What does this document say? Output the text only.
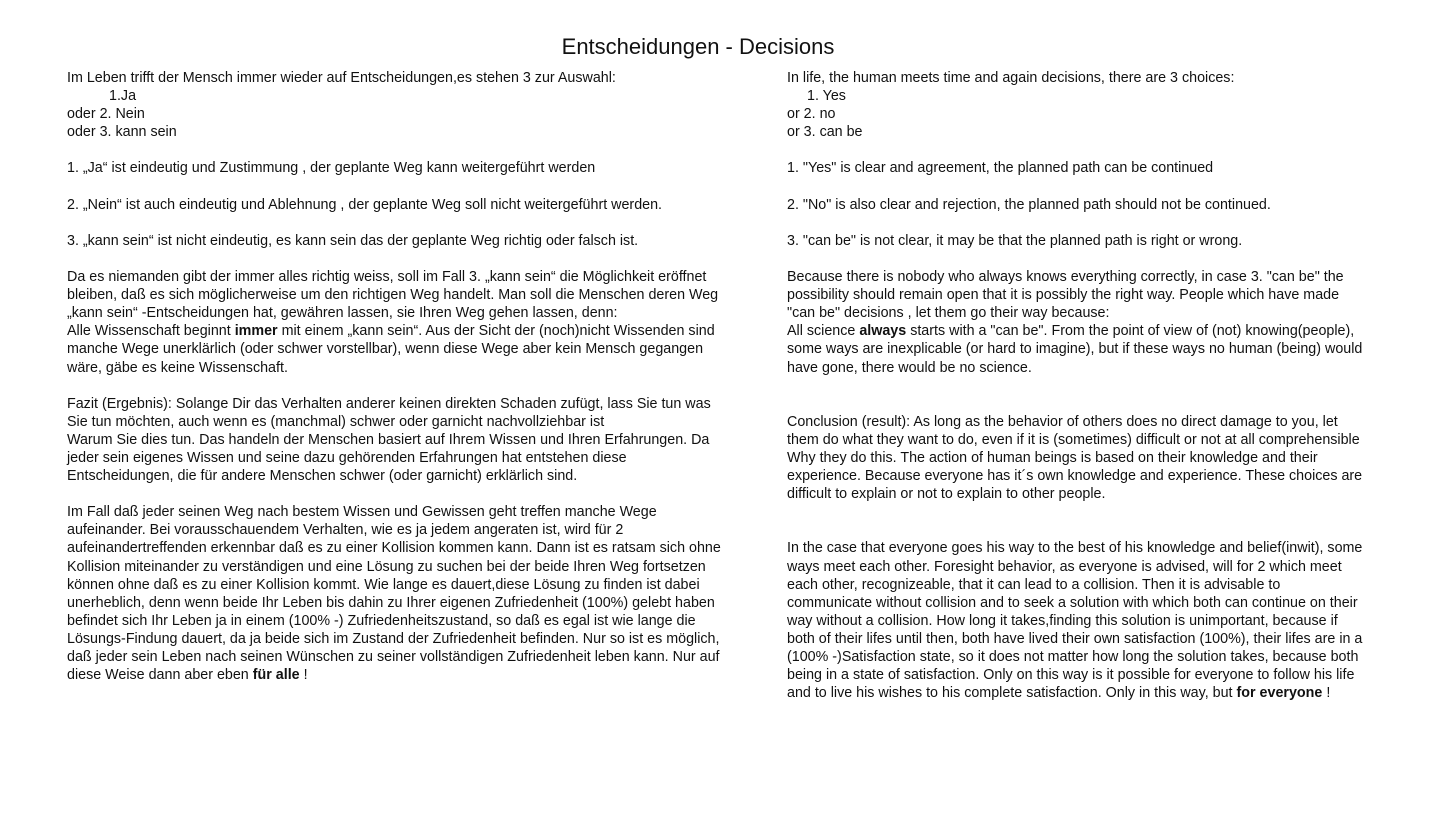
Entscheidungen - Decisions
Im Leben trifft der Mensch immer wieder auf Entscheidungen,es stehen 3 zur Auswahl:
1.Ja
oder 2. Nein
oder 3. kann sein
1. „Ja“ ist eindeutig und Zustimmung , der geplante Weg kann weitergeführt werden
2. „Nein“ ist auch eindeutig und Ablehnung , der geplante Weg soll nicht weitergeführt werden.
3. „kann sein“ ist nicht eindeutig, es kann sein das der geplante Weg richtig oder falsch ist.
Da es niemanden gibt der immer alles richtig weiss, soll im Fall 3. „kann sein“ die Möglichkeit eröffnet bleiben, daß es sich möglicherweise um den richtigen Weg handelt. Man soll die Menschen deren Weg „kann sein“ -Entscheidungen hat, gewähren lassen, sie Ihren Weg gehen lassen, denn:
Alle Wissenschaft beginnt immer mit einem „kann sein“. Aus der Sicht der (noch)nicht Wissenden sind manche Wege unerklärlich (oder schwer vorstellbar), wenn diese Wege aber kein Mensch gegangen wäre, gäbe es keine Wissenschaft.
Fazit (Ergebnis): Solange Dir das Verhalten anderer keinen direkten Schaden zufügt, lass Sie tun was Sie tun möchten, auch wenn es (manchmal) schwer oder garnicht nachvollziehbar ist
Warum Sie dies tun. Das handeln der Menschen basiert auf Ihrem Wissen und Ihren Erfahrungen. Da jeder sein eigenes Wissen und seine dazu gehörenden Erfahrungen hat entstehen diese Entscheidungen, die für andere Menschen schwer (oder garnicht) erklärlich sind.
Im Fall daß jeder seinen Weg nach bestem Wissen und Gewissen geht treffen manche Wege aufeinander. Bei vorausschauendem Verhalten, wie es ja jedem angeraten ist, wird für 2 aufeinandertreffenden erkennbar daß es zu einer Kollision kommen kann. Dann ist es ratsam sich ohne Kollision miteinander zu verständigen und eine Lösung zu suchen bei der beide Ihren Weg fortsetzen können ohne daß es zu einer Kollision kommt. Wie lange es dauert,diese Lösung zu finden ist dabei unerheblich, denn wenn beide Ihr Leben bis dahin zu Ihrer eigenen Zufriedenheit (100%) gelebt haben befindet sich Ihr Leben ja in einem (100% -) Zufriedenheitszustand, so daß es egal ist wie lange die Lösungs-Findung dauert, da ja beide sich im Zustand der Zufriedenheit befinden. Nur so ist es möglich, daß jeder sein Leben nach seinen Wünschen zu seiner vollständigen Zufriedenheit leben kann. Nur auf diese Weise dann aber eben für alle !
In life, the human meets time and again decisions, there are 3 choices:
1. Yes
or 2. no
or 3. can be
1. "Yes" is clear and agreement, the planned path can be continued
2. "No" is also clear and rejection, the planned path should not be continued.
3. "can be" is not clear, it may be that the planned path is right or wrong.
Because there is nobody who always knows everything correctly, in case 3. "can be" the possibility should remain open that it is possibly the right way. People which have made "can be" decisions , let them go their way because:
All science always starts with a "can be". From the point of view of (not) knowing(people), some ways are inexplicable (or hard to imagine), but if these ways no human (being) would have gone, there would be no science.
Conclusion (result): As long as the behavior of others does no direct damage to you, let them do what they want to do, even if it is (sometimes) difficult or not at all comprehensible
Why they do this. The action of human beings is based on their knowledge and their experience. Because everyone has it´s own knowledge and experience. These choices are difficult to explain or not to explain to other people.
In the case that everyone goes his way to the best of his knowledge and belief(inwit), some ways meet each other. Foresight behavior, as everyone is advised, will for 2 which meet each other, recognizeable, that it can lead to a collision. Then it is advisable to communicate without collision and to seek a solution with which both can continue on their way without a collision. How long it takes,finding this solution is unimportant, because if both of their lifes until then, both have lived their own satisfaction (100%), their lifes are in a (100% -)Satisfaction state, so it does not matter how long the solution takes, because both being in a state of satisfaction. Only on this way is it possible for everyone to follow his life and to live his wishes to his complete satisfaction. Only in this way, but for everyone !
